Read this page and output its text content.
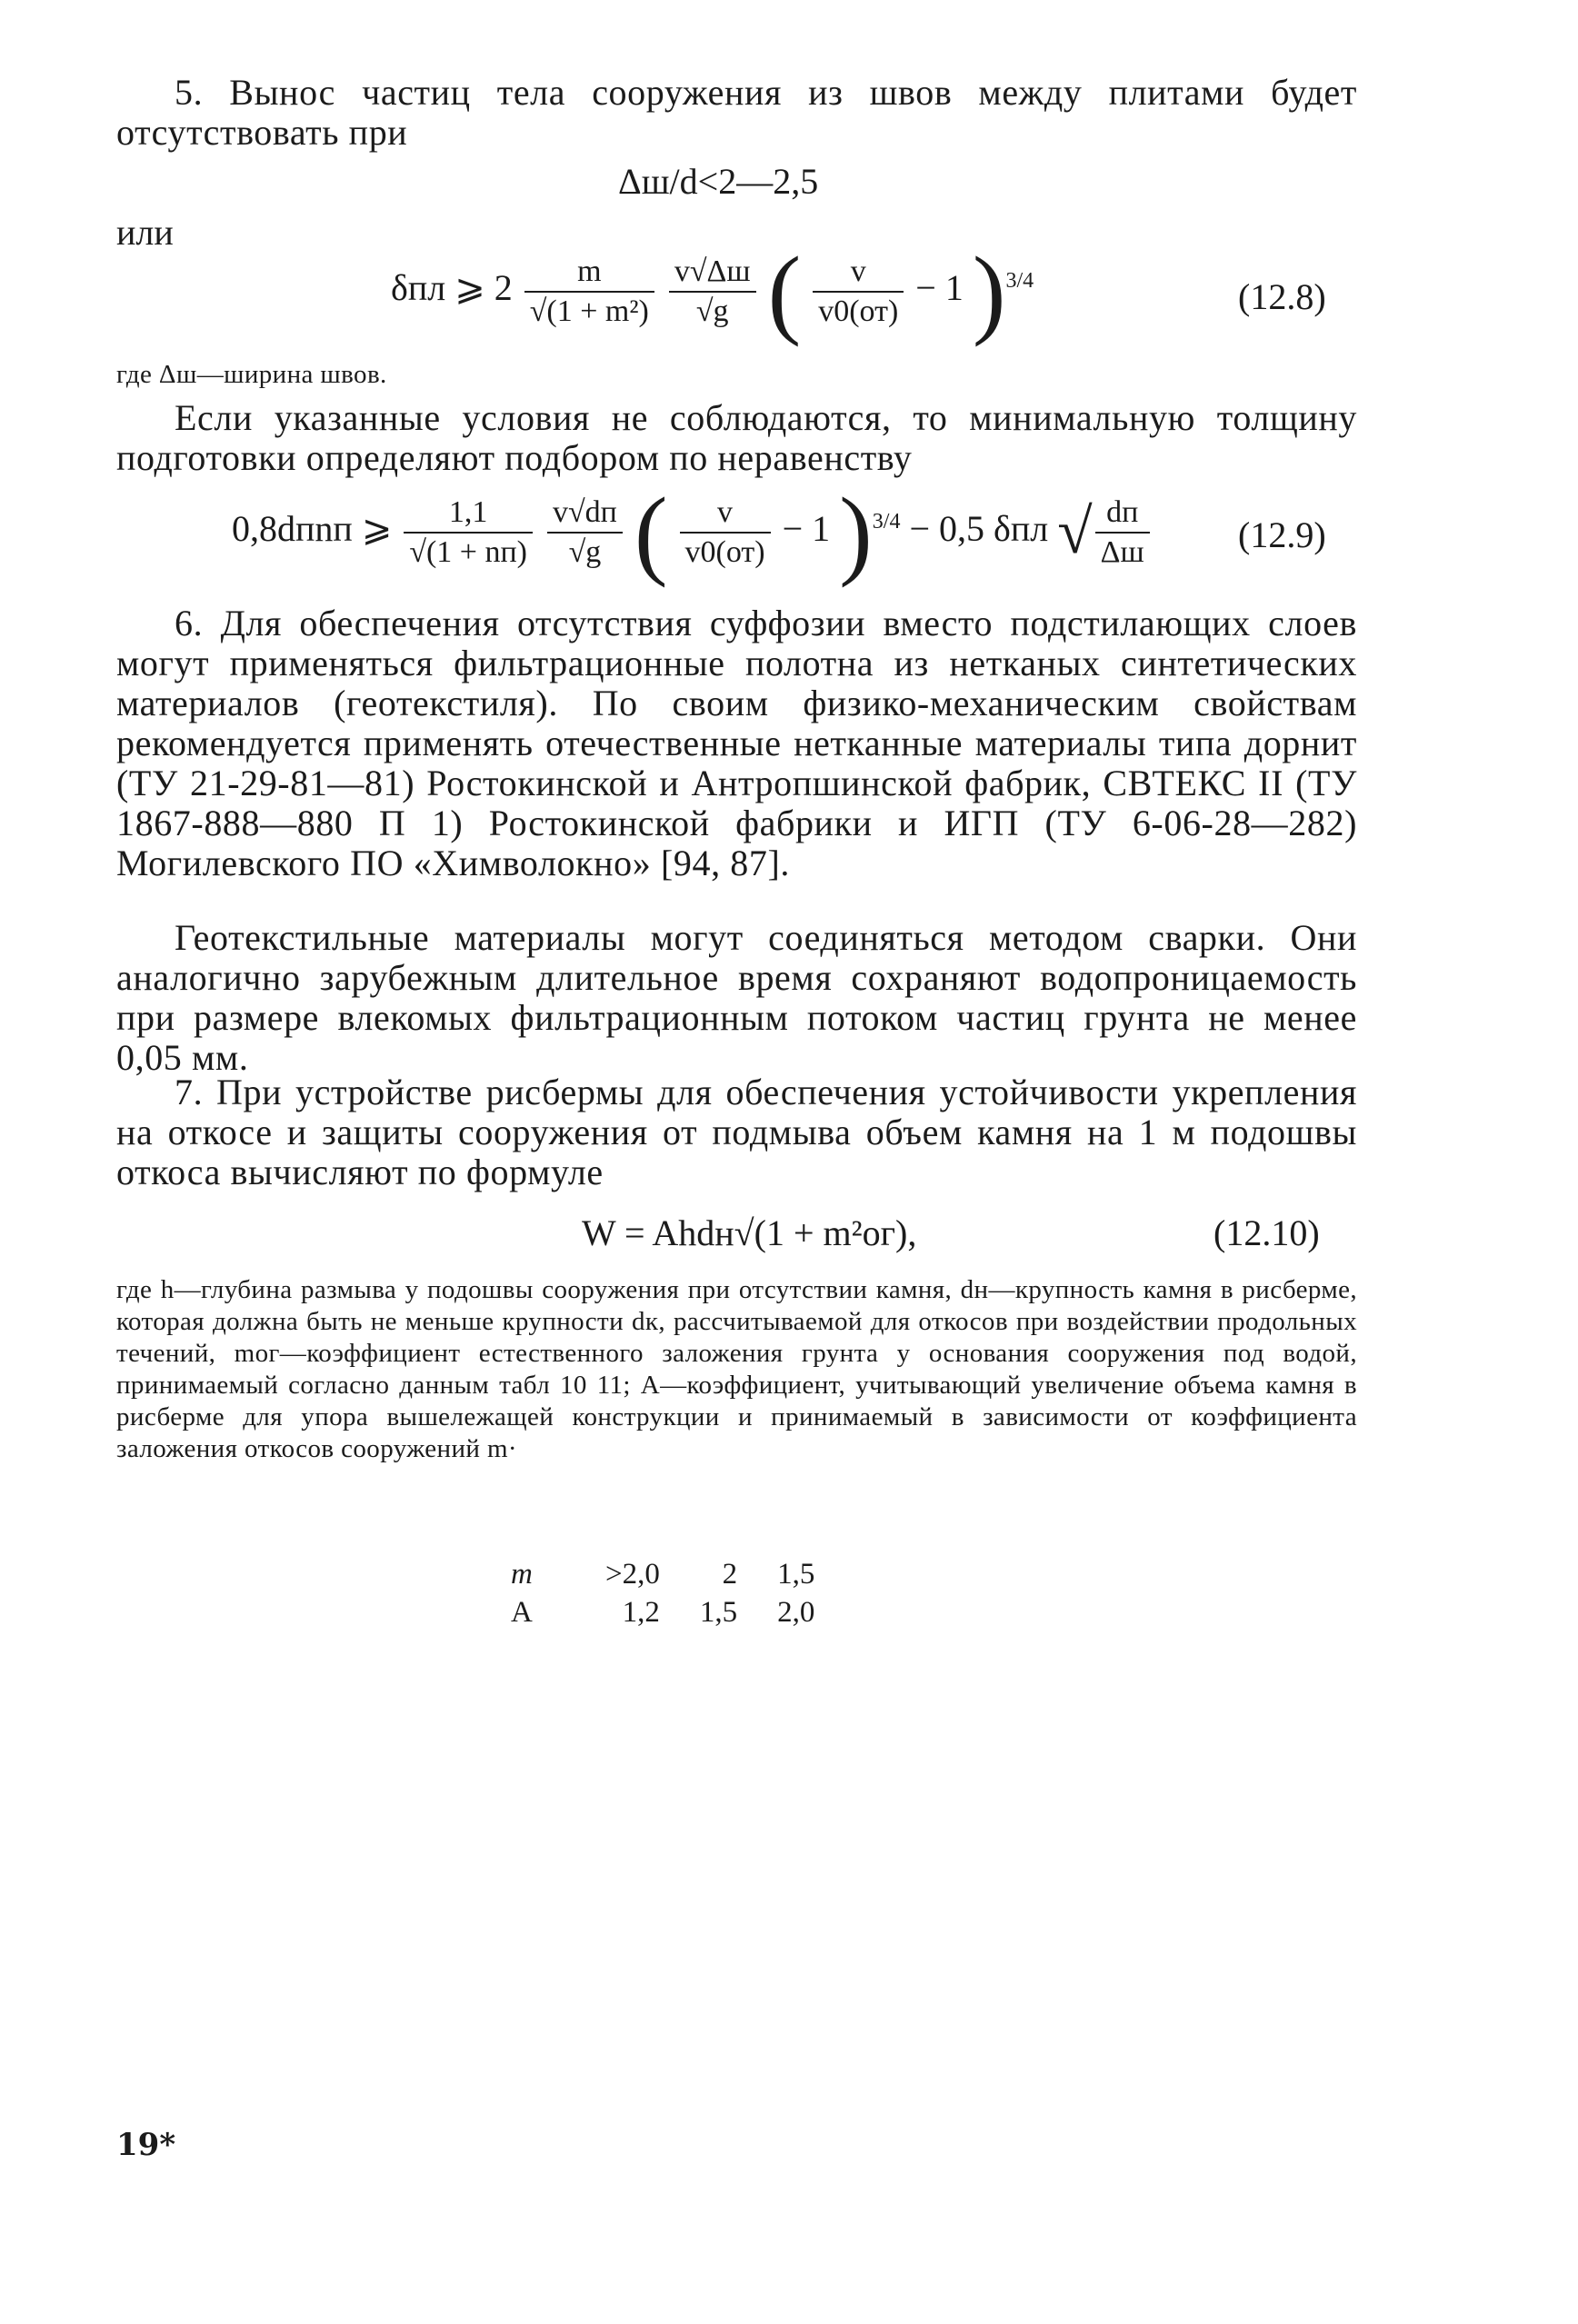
5. Вынос частиц тела сооружения из швов между плитами будет отсутствовать при

Δш/d<2—2,5
или
δпл ⩾ $2 \frac{m}{\text{√(1 + m²)}}$
$\frac{v√\Delta ш}{√g}$ ( $\frac{v}{v0(от)} - 1$ )$^{3/4}$	(12.8)

где Δш—ширина швов.

Если указанные условия не соблюдаются, то минимальную толщину подготовки определяют подбором по неравенству

0,8dпnп ⩾ $\frac{1,1}{√(1 + nп)}$
$\frac{v√dп}{√g}$ ( $\frac{v}{v0(от)} - 1$ )$^{3/4}$ − 0,5 δпл √ $\frac{dп}{\Delta ш} (12.9)$

6. Для обеспечения отсутствия суффозии вместо подстилающих слоев могут применяться фильтрационные полотна из нетканых синтетических материалов (геотекстиля). По своим физико-механическим свойствам рекомендуется применять отечественные нетканные материалы типа дорнит (ТУ 21-29-81—81) Ростокинской и Антропшинской фабрик, СВТЕКС II (ТУ 1867-888—880 П 1) Ростокинской фабрики и ИГП (ТУ 6-06-28—282) Могилевского ПО «Химволокно» [94, 87].

Геотекстильные материалы могут соединяться методом сварки. Они аналогично зарубежным длительное время сохраняют водопроницаемость при размере влекомых фильтрационным потоком частиц грунта не менее 0,05 мм.

7. При устройстве рисбермы для обеспечения устойчивости укрепления на откосе и защиты сооружения от подмыва объем камня на 1 м подошвы откоса вычисляют по формуле

W = Ahdн√(1 + m²ог),	(12.10)

где h—глубина размыва у подошвы сооружения при отсутствии камня, dн—крупность камня в рисберме, которая должна быть не меньше крупности dк, рассчитываемой для откосов при воздействии продольных течений, mог—коэффициент естественного заложения грунта у основания сооружения под водой, принимаемый согласно данным табл 10 11; А—коэффициент, учитывающий увеличение объема камня в рисберме для упора вышележащей конструкции и принимаемый в зависимости от коэффициента заложения откосов сооружений m·

m	>2,0	2	1,5
A	1,2	1,5	2,0
19*
